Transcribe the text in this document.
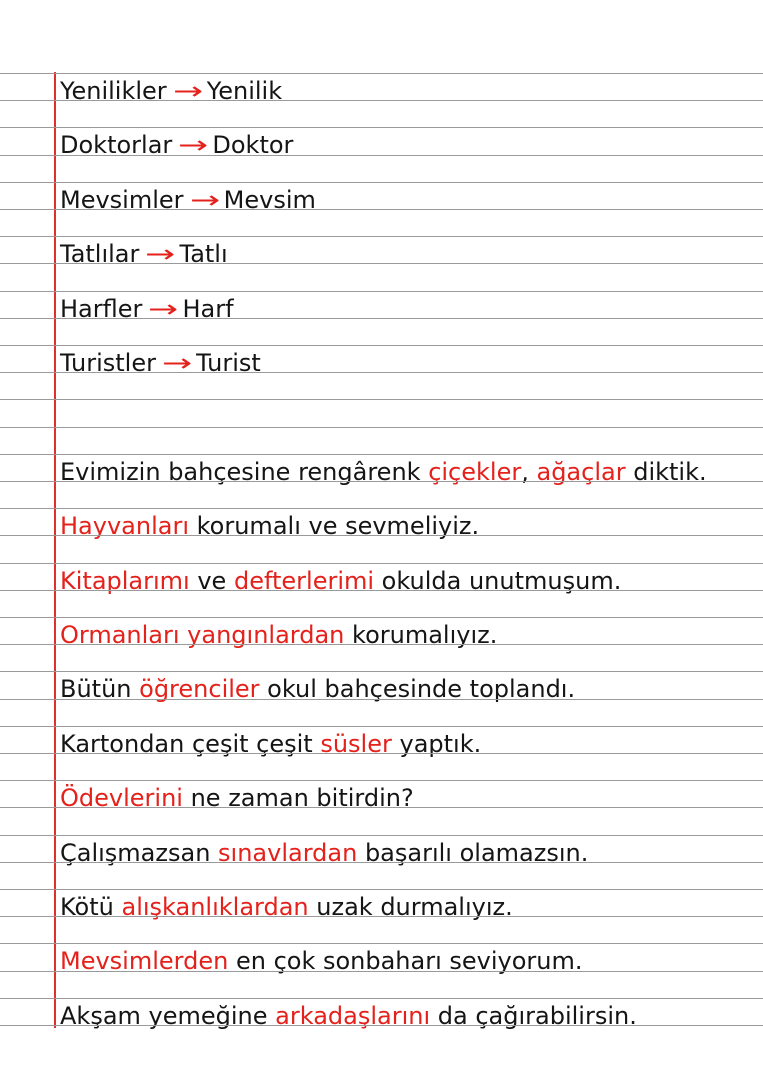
Yenilikler → Yenilik
Doktorlar → Doktor
Mevsimler → Mevsim
Tatlılar → Tatlı
Harfler → Harf
Turistler → Turist
Evimizin bahçesine rengârenk çiçekler, ağaçlar diktik.
Hayvanları korumalı ve sevmeliyiz.
Kitaplarımı ve defterlerimi okulda unutmuşum.
Ormanları yangınlardan korumalıyız.
Bütün öğrenciler okul bahçesinde toplandı.
Kartondan çeşit çeşit süsler yaptık.
Ödevlerini ne zaman bitirdin?
Çalışmazsan sınavlardan başarılı olamazsın.
Kötü alışkanlıklardan uzak durmalıyız.
Mevsimlerden en çok sonbaharı seviyorum.
Akşam yemeğine arkadaşlarını da çağırabilirsin.
